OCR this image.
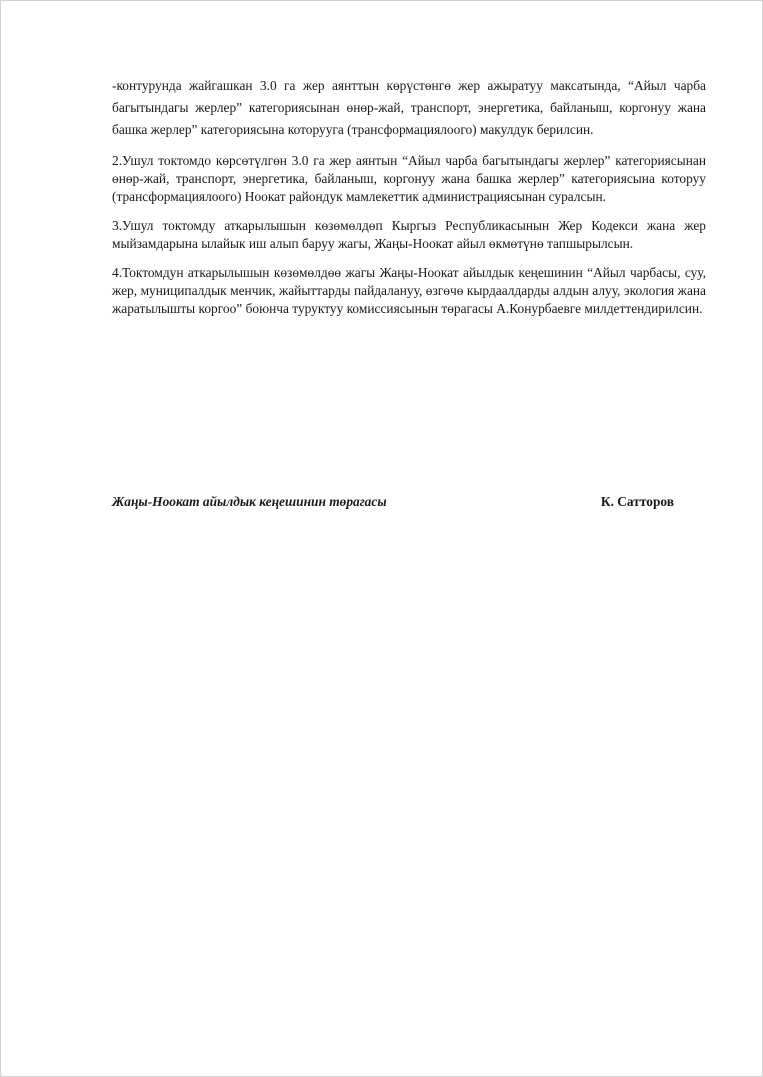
-контурунда жайгашкан 3.0 га жер аянттын көрүстөнгө жер ажыратуу максатында, “Айыл чарба багытындагы жерлер” категориясынан өнөр-жай, транспорт, энергетика, байланыш, коргонуу жана башка жерлер” категориясына которууга (трансформациялоого) макулдук берилсин.

2.Ушул токтомдо көрсөтүлгөн 3.0 га жер аянтын “Айыл чарба багытындагы жерлер” категориясынан өнөр-жай, транспорт, энергетика, байланыш, коргонуу жана башка жерлер” категориясына которуу (трансформациялоого) Ноокат райондук мамлекеттик администрациясынан суралсын.

3.Ушул токтомду аткарылышын көзөмөлдөп Кыргыз Республикасынын Жер Кодекси жана жер мыйзамдарына ылайык иш алып баруу жагы, Жаңы-Ноокат айыл өкмөтүнө тапшырылсын.

4.Токтомдун аткарылышын көзөмөлдөө жагы Жаңы-Ноокат айылдык кеңешинин “Айыл чарбасы, суу, жер, муниципалдык менчик, жайыттарды пайдалануу, өзгөчө кырдаалдарды алдын алуу, экология жана жаратылышты коргоо” боюнча туруктуу комиссиясынын төрагасы А.Конурбаевге милдеттендирилсин.

Жаңы-Ноокат айылдык кеңешинин төрагасы	К. Сатторов
